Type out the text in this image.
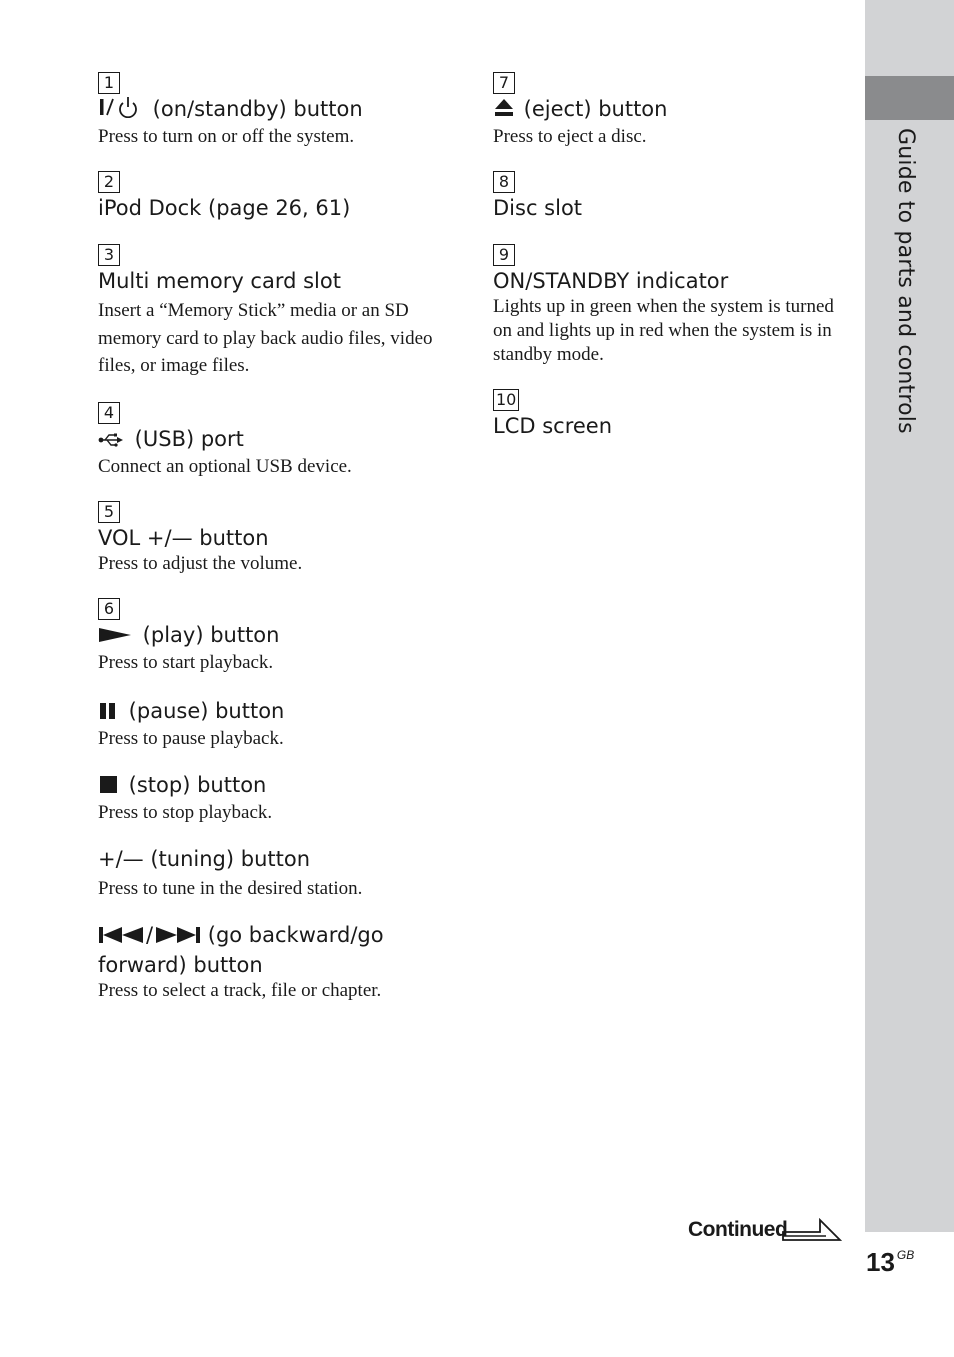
Guide to parts and controls
1

(on/standby) button

Press to turn on or off the system.

2

iPod Dock (page 26, 61)

3

Multi memory card slot

Insert a “Memory Stick” media or an SD memory card to play back audio files, video files, or image files.

4

(USB) port

Connect an optional USB device.

5

VOL +/— button

Press to adjust the volume.

6

(play) button

Press to start playback.

(pause) button

Press to pause playback.

(stop) button

Press to stop playback.

+/— (tuning) button

Press to tune in the desired station.

/ (go backward/go forward) button

Press to select a track, file or chapter.

7

(eject) button

Press to eject a disc.

8

Disc slot

9

ON/STANDBY indicator

Lights up in green when the system is turned on and lights up in red when the system is in standby mode.

10

LCD screen

Continued
13 $^{GB}$
